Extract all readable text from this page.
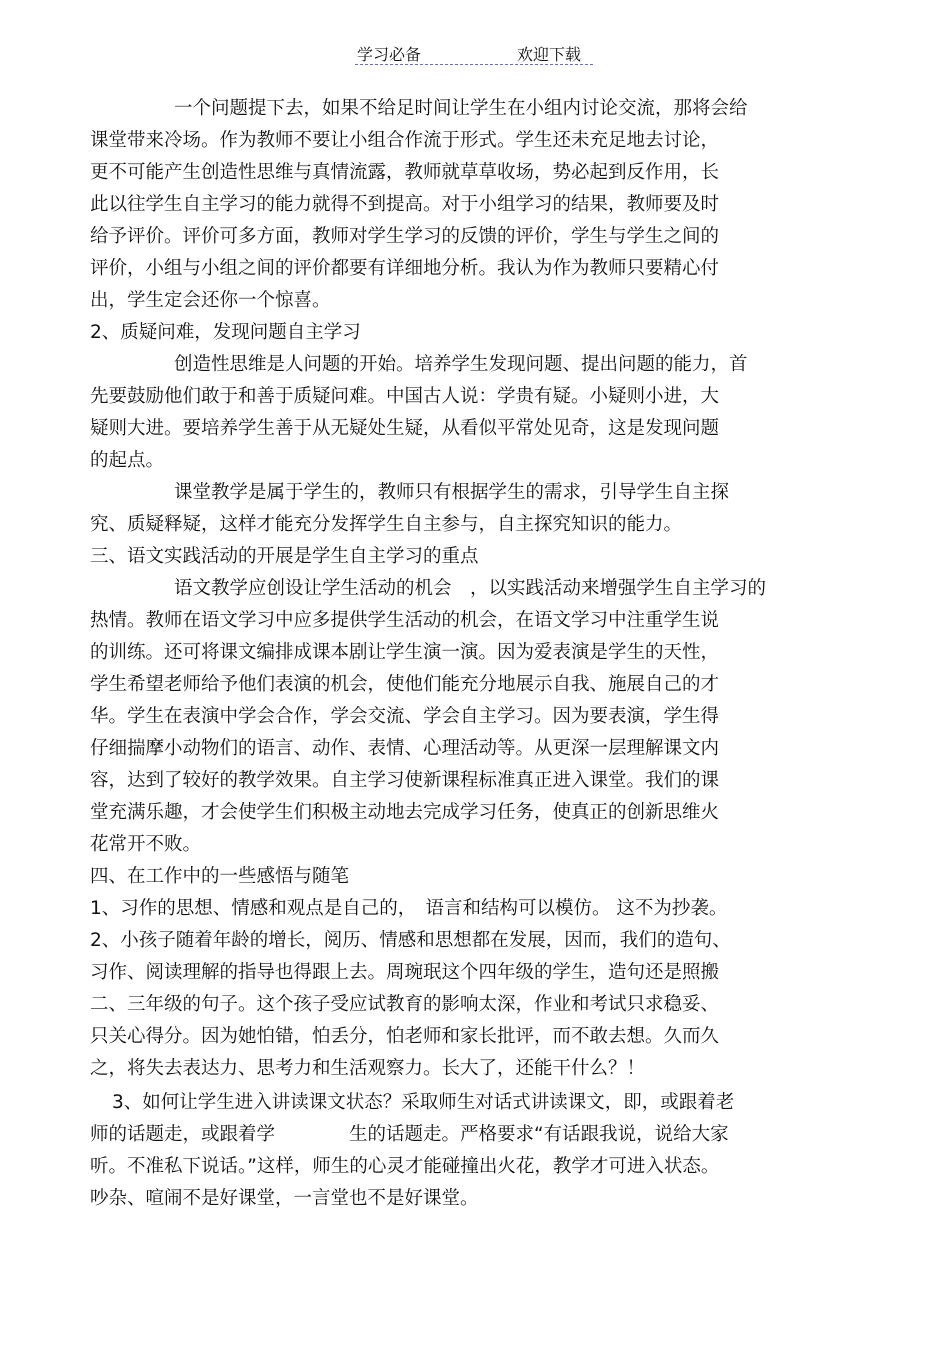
学习必备	欢迎下载
一个问题提下去，如果不给足时间让学生在小组内讨论交流，那将会给
课堂带来冷场。作为教师不要让小组合作流于形式。学生还未充足地去讨论，
更不可能产生创造性思维与真情流露，教师就草草收场，势必起到反作用，长
此以往学生自主学习的能力就得不到提高。对于小组学习的结果，教师要及时
给予评价。评价可多方面，教师对学生学习的反馈的评价，学生与学生之间的
评价，小组与小组之间的评价都要有详细地分析。我认为作为教师只要精心付
出，学生定会还你一个惊喜。
2、质疑问难，发现问题自主学习
创造性思维是人问题的开始。培养学生发现问题、提出问题的能力，首
先要鼓励他们敢于和善于质疑问难。中国古人说：学贵有疑。小疑则小进，大
疑则大进。要培养学生善于从无疑处生疑，从看似平常处见奇，这是发现问题
的起点。
课堂教学是属于学生的，教师只有根据学生的需求，引导学生自主探
究、质疑释疑，这样才能充分发挥学生自主参与，自主探究知识的能力。
三、语文实践活动的开展是学生自主学习的重点
语文教学应创设让学生活动的机会　，以实践活动来增强学生自主学习的
热情。教师在语文学习中应多提供学生活动的机会，在语文学习中注重学生说
的训练。还可将课文编排成课本剧让学生演一演。因为爱表演是学生的天性，
学生希望老师给予他们表演的机会，使他们能充分地展示自我、施展自己的才
华。学生在表演中学会合作，学会交流、学会自主学习。因为要表演，学生得
仔细揣摩小动物们的语言、动作、表情、心理活动等。从更深一层理解课文内
容，达到了较好的教学效果。自主学习使新课程标准真正进入课堂。我们的课
堂充满乐趣，才会使学生们积极主动地去完成学习任务，使真正的创新思维火
花常开不败。
四、在工作中的一些感悟与随笔
1、习作的思想、情感和观点是自己的，　语言和结构可以模仿。 这不为抄袭。
2、小孩子随着年龄的增长，阅历、情感和思想都在发展，因而，我们的造句、
习作、阅读理解的指导也得跟上去。周琬珉这个四年级的学生，造句还是照搬
二、三年级的句子。这个孩子受应试教育的影响太深，作业和考试只求稳妥、
只关心得分。因为她怕错，怕丢分，怕老师和家长批评，而不敢去想。久而久
之，将失去表达力、思考力和生活观察力。长大了，还能干什么？！
3、如何让学生进入讲读课文状态？采取师生对话式讲读课文，即，或跟着老
师的话题走，或跟着学　　　　生的话题走。严格要求“有话跟我说，说给大家
听。不准私下说话。”这样，师生的心灵才能碰撞出火花，教学才可进入状态。
吵杂、喧闹不是好课堂，一言堂也不是好课堂。
